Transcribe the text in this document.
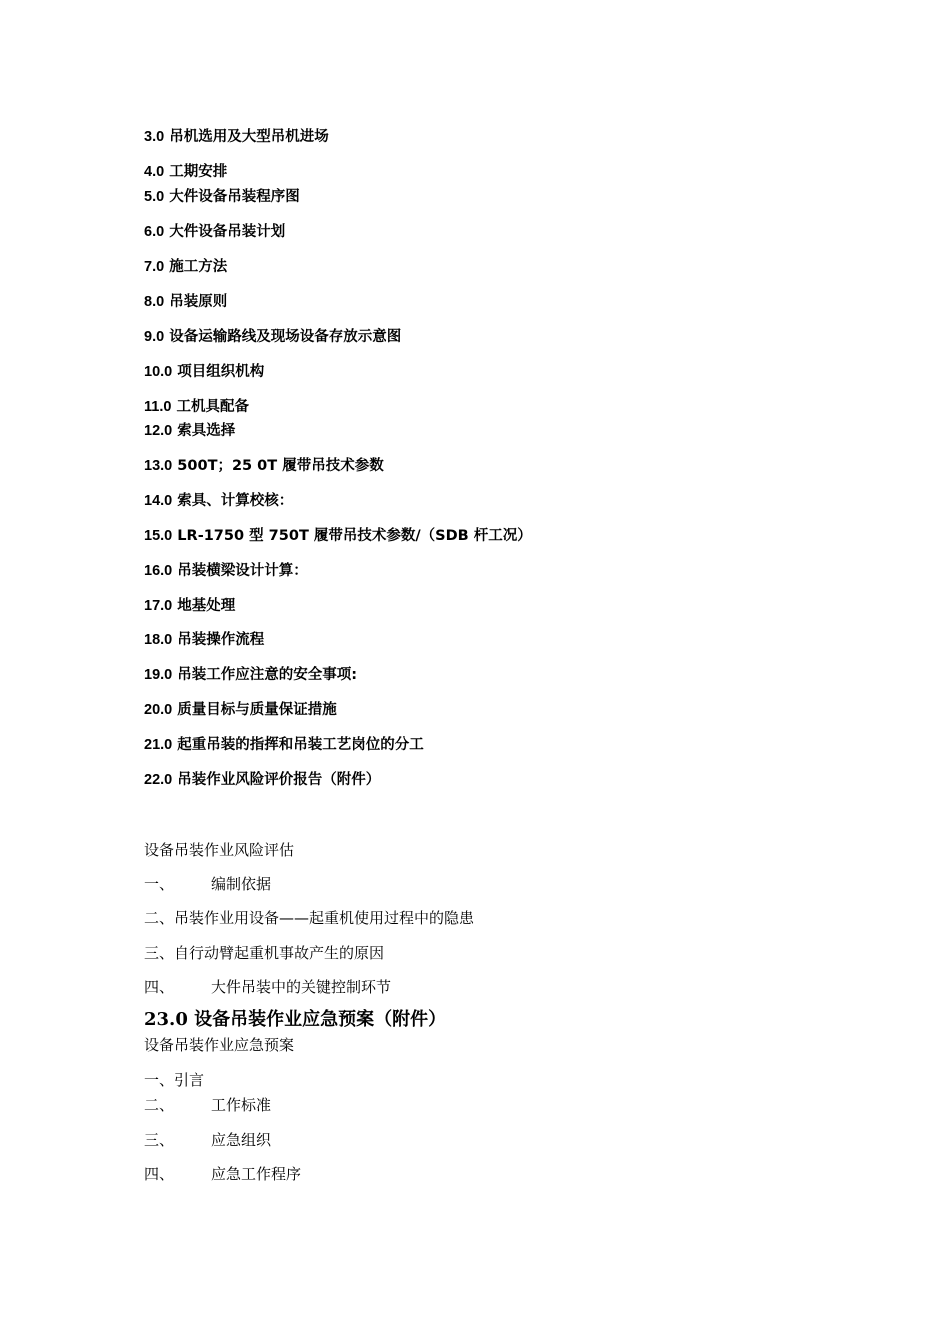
3.0 吊机选用及大型吊机进场
4.0 工期安排
5.0 大件设备吊装程序图
6.0 大件设备吊装计划
7.0 施工方法
8.0 吊装原则
9.0 设备运输路线及现场设备存放示意图
10.0 项目组织机构
11.0 工机具配备
12.0 索具选择
13.0 500T；25 0T 履带吊技术参数
14.0 索具、计算校核：
15.0 LR-1750 型 750T 履带吊技术参数/（SDB 杆工况）
16.0 吊装横梁设计计算：
17.0 地基处理
18.0 吊装操作流程
19.0 吊装工作应注意的安全事项:
20.0 质量目标与质量保证措施
21.0 起重吊装的指挥和吊装工艺岗位的分工
22.0 吊装作业风险评价报告（附件）
设备吊装作业风险评估
一、 编制依据
二、吊装作业用设备——起重机使用过程中的隐患
三、自行动臂起重机事故产生的原因
四、 大件吊装中的关键控制环节
23.0 设备吊装作业应急预案（附件）
设备吊装作业应急预案
一、引言
二、 工作标准
三、 应急组织
四、 应急工作程序
